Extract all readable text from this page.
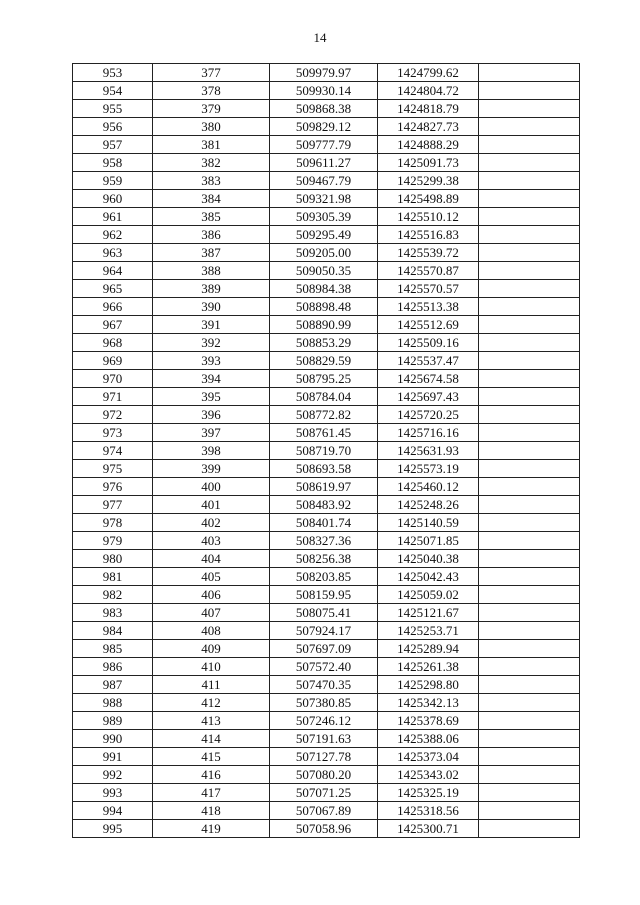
14
953	377	509979.97	1424799.62	
954	378	509930.14	1424804.72	
955	379	509868.38	1424818.79	
956	380	509829.12	1424827.73	
957	381	509777.79	1424888.29	
958	382	509611.27	1425091.73	
959	383	509467.79	1425299.38	
960	384	509321.98	1425498.89	
961	385	509305.39	1425510.12	
962	386	509295.49	1425516.83	
963	387	509205.00	1425539.72	
964	388	509050.35	1425570.87	
965	389	508984.38	1425570.57	
966	390	508898.48	1425513.38	
967	391	508890.99	1425512.69	
968	392	508853.29	1425509.16	
969	393	508829.59	1425537.47	
970	394	508795.25	1425674.58	
971	395	508784.04	1425697.43	
972	396	508772.82	1425720.25	
973	397	508761.45	1425716.16	
974	398	508719.70	1425631.93	
975	399	508693.58	1425573.19	
976	400	508619.97	1425460.12	
977	401	508483.92	1425248.26	
978	402	508401.74	1425140.59	
979	403	508327.36	1425071.85	
980	404	508256.38	1425040.38	
981	405	508203.85	1425042.43	
982	406	508159.95	1425059.02	
983	407	508075.41	1425121.67	
984	408	507924.17	1425253.71	
985	409	507697.09	1425289.94	
986	410	507572.40	1425261.38	
987	411	507470.35	1425298.80	
988	412	507380.85	1425342.13	
989	413	507246.12	1425378.69	
990	414	507191.63	1425388.06	
991	415	507127.78	1425373.04	
992	416	507080.20	1425343.02	
993	417	507071.25	1425325.19	
994	418	507067.89	1425318.56	
995	419	507058.96	1425300.71	
